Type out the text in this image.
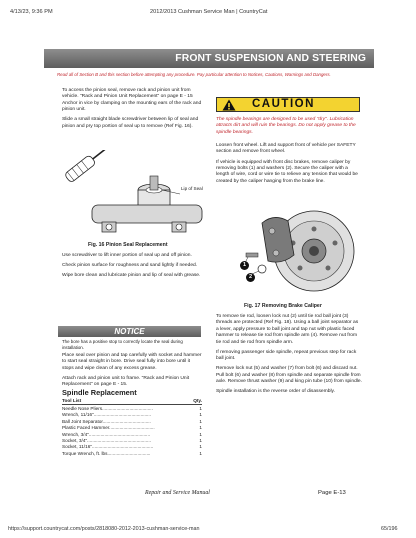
4/13/23, 9:36 PM	2012/2013 Cushman Service Man | CountryCat
FRONT SUSPENSION AND STEERING
Read all of Section B and this section before attempting any procedure. Pay particular attention to Notices, Cautions, Warnings and Dangers.

To access the pinion seal, remove rack and pinion unit from vehicle. "Rack and Pinion Unit Replacement" on page E - 15 Anchor in vice by clamping on the mounting ears of the rack and pinion unit.

Slide a small straight blade screwdriver between lip of seal and pinion and pry top portion of seal up to remove (Ref Fig. 16).

Lip of Seal
Fig. 16 Pinion Seal Replacement

Use screwdriver to lift inner portion of seal up and off pinion.

Check pinion surface for roughness and sand lightly if needed.

Wipe bore clean and lubricate pinion and lip of seal with grease.

NOTICE
The bore has a positive stop to correctly locate the seal during installation.

Place seal over pinion and tap carefully with socket and hammer to start seal straight in bore. Drive seal fully into bore until it stops and wipe clean of any excess grease.

Attach rack and pinion unit to frame. "Rack and Pinion Unit Replacement" on page E - 15.

Spindle Replacement
Tool List	Qty.
Needle Nose Pliers.......................................	1
Wrench, 11/16"............................................	1
Ball Joint Separator.....................................	1
Plastic Faced Hammer...................................	1
Wrench, 3/4"...............................................	1
Socket, 3/4".................................................	1
Socket, 11/16"...............................................	1
Torque Wrench, ft. lbs.................................	1
CAUTION
The spindle bearings are designed to be used "dry". Lubrication attracts dirt and will ruin the bearings. Do not apply grease to the spindle bearings.

Loosen front wheel. Lift and support front of vehicle per SAFETY section and remove front wheel.

If vehicle is equipped with front disc brakes, remove caliper by removing bolts (1) and washers (2). Secure the caliper with a length of wire, cord or wire tie to relieve any tension that would be created by the caliper hanging from the brake line.

1
2
Fig. 17 Removing Brake Caliper

To remove tie rod, loosen lock nut (2) until tie rod ball joint (3) threads are protected (Ref Fig. 18). Using a ball joint separator as a lever, apply pressure to ball joint and tap nut with plastic faced hammer to release tie rod from spindle arm (4). Remove nut from tie rod and tie rod from spindle arm.

If removing passenger side spindle, repeat previous step for rack ball joint.

Remove lock nut (5) and washer (7) from bolt (6) and discard nut. Pull bolt (6) and washer (8) from spindle and separate spindle from axle. Remove thrust washer (9) and king pin tube (10) from spindle.

Spindle installation is the reverse order of disassembly.

Repair and Service Manual	Page E-13
https://support.countrycat.com/posts/2818080-2012-2013-cushman-service-man	65/196
